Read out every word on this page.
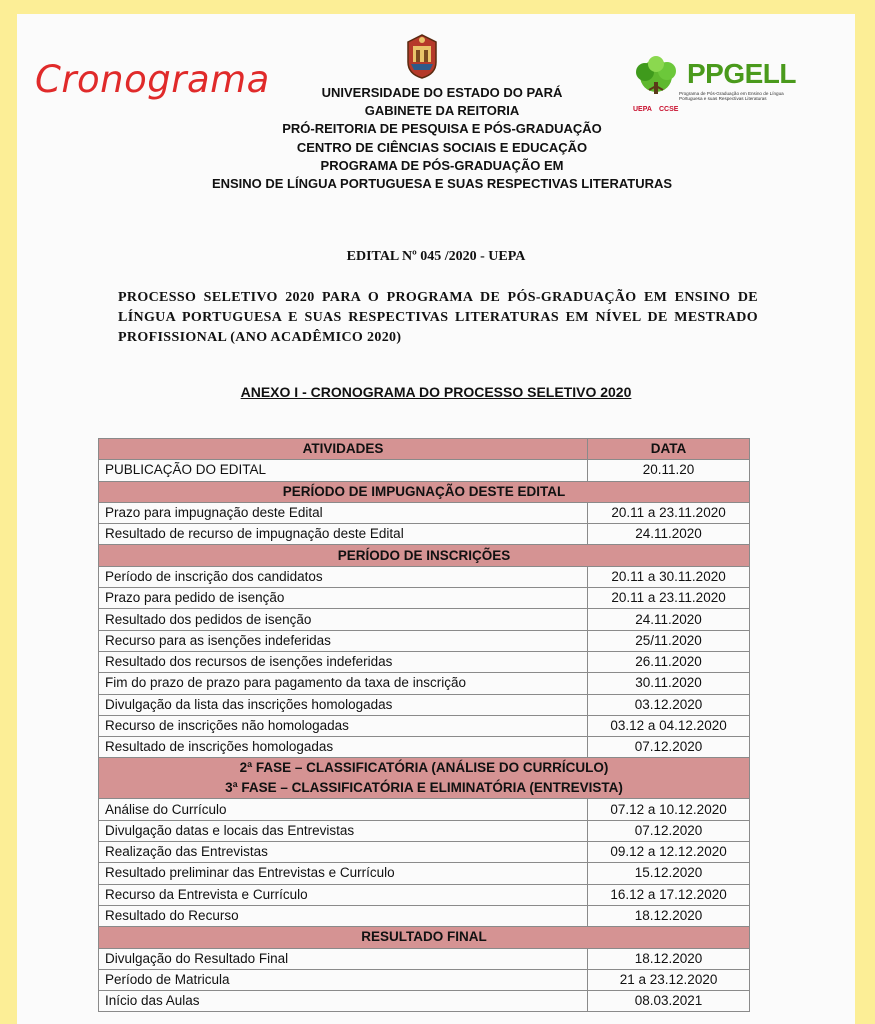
Cronograma
UEPA CCSE
PPGELL
Programa de Pós-Graduação em Ensino de Língua Portuguesa e suas Respectivas Literaturas
UNIVERSIDADE DO ESTADO DO PARÁ
GABINETE DA REITORIA
PRÓ-REITORIA DE PESQUISA E PÓS-GRADUAÇÃO
CENTRO DE CIÊNCIAS SOCIAIS E EDUCAÇÃO
PROGRAMA DE PÓS-GRADUAÇÃO EM
ENSINO DE LÍNGUA PORTUGUESA E SUAS RESPECTIVAS LITERATURAS
EDITAL Nº 045 /2020 - UEPA
PROCESSO SELETIVO 2020 PARA O PROGRAMA DE PÓS-GRADUAÇÃO EM ENSINO DE LÍNGUA PORTUGUESA E SUAS RESPECTIVAS LITERATURAS EM NÍVEL DE MESTRADO PROFISSIONAL (ANO ACADÊMICO 2020)
ANEXO I - CRONOGRAMA DO PROCESSO SELETIVO 2020
ATIVIDADES	DATA
PUBLICAÇÃO DO EDITAL	20.11.20
PERÍODO DE IMPUGNAÇÃO DESTE EDITAL	
Prazo para impugnação deste Edital	20.11 a 23.11.2020
Resultado de recurso de impugnação deste Edital	24.11.2020
PERÍODO DE INSCRIÇÕES	
Período de inscrição dos candidatos	20.11 a 30.11.2020
Prazo para pedido de isenção	20.11 a 23.11.2020
Resultado dos pedidos de isenção	24.11.2020
Recurso para as isenções indeferidas	25/11.2020
Resultado dos recursos de isenções indeferidas	26.11.2020
Fim do prazo de prazo para pagamento da taxa de inscrição	30.11.2020
Divulgação da lista das inscrições homologadas	03.12.2020
Recurso de inscrições não homologadas	03.12 a 04.12.2020
Resultado de inscrições homologadas	07.12.2020

2ª FASE – CLASSIFICATÓRIA (ANÁLISE DO CURRÍCULO)
3ª FASE – CLASSIFICATÓRIA E ELIMINATÓRIA (ENTREVISTA)	

Análise do Currículo	07.12 a 10.12.2020
Divulgação datas e locais das Entrevistas	07.12.2020
Realização das Entrevistas	09.12 a 12.12.2020
Resultado preliminar das Entrevistas e Currículo	15.12.2020
Recurso da Entrevista e Currículo	16.12 a 17.12.2020
Resultado do Recurso	18.12.2020
RESULTADO FINAL	
Divulgação do Resultado Final	18.12.2020
Período de Matricula	21 a 23.12.2020
Início das Aulas	08.03.2021
